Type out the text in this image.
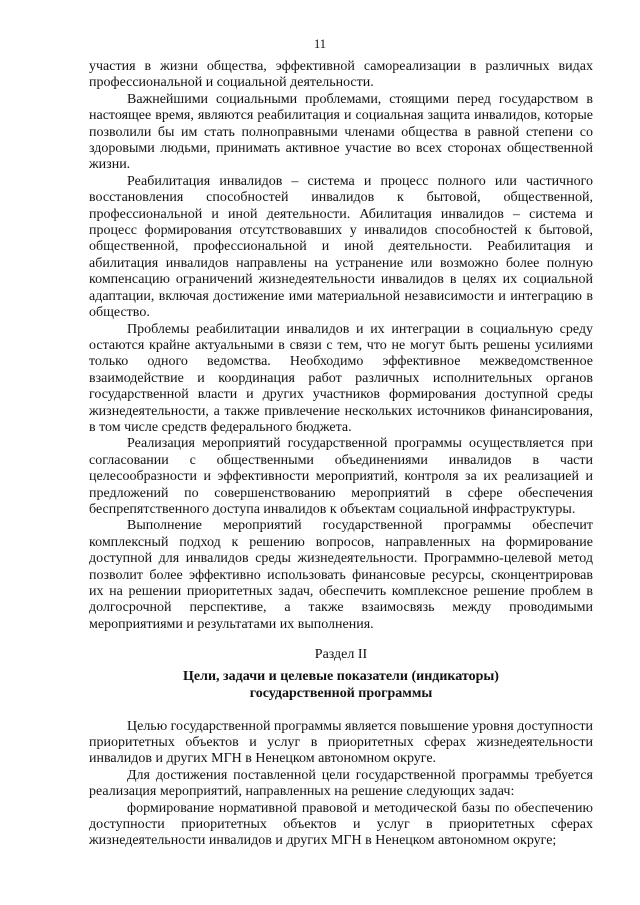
11

участия в жизни общества, эффективной самореализации в различных видах профессиональной и социальной деятельности.

Важнейшими социальными проблемами, стоящими перед государством в настоящее время, являются реабилитация и социальная защита инвалидов, которые позволили бы им стать полноправными членами общества в равной степени со здоровыми людьми, принимать активное участие во всех сторонах общественной жизни.

Реабилитация инвалидов – система и процесс полного или частичного восстановления способностей инвалидов к бытовой, общественной, профессиональной и иной деятельности. Абилитация инвалидов – система и процесс формирования отсутствовавших у инвалидов способностей к бытовой, общественной, профессиональной и иной деятельности. Реабилитация и абилитация инвалидов направлены на устранение или возможно более полную компенсацию ограничений жизнедеятельности инвалидов в целях их социальной адаптации, включая достижение ими материальной независимости и интеграцию в общество.

Проблемы реабилитации инвалидов и их интеграции в социальную среду остаются крайне актуальными в связи с тем, что не могут быть решены усилиями только одного ведомства. Необходимо эффективное межведомственное взаимодействие и координация работ различных исполнительных органов государственной власти и других участников формирования доступной среды жизнедеятельности, а также привлечение нескольких источников финансирования, в том числе средств федерального бюджета.

Реализация мероприятий государственной программы осуществляется при согласовании с общественными объединениями инвалидов в части целесообразности и эффективности мероприятий, контроля за их реализацией и предложений по совершенствованию мероприятий в сфере обеспечения беспрепятственного доступа инвалидов к объектам социальной инфраструктуры.

Выполнение мероприятий государственной программы обеспечит комплексный подход к решению вопросов, направленных на формирование доступной для инвалидов среды жизнедеятельности. Программно-целевой метод позволит более эффективно использовать финансовые ресурсы, сконцентрировав их на решении приоритетных задач, обеспечить комплексное решение проблем в долгосрочной перспективе, а также взаимосвязь между проводимыми мероприятиями и результатами их выполнения.

Раздел II
Цели, задачи и целевые показатели (индикаторы)
государственной программы

Целью государственной программы является повышение уровня доступности приоритетных объектов и услуг в приоритетных сферах жизнедеятельности инвалидов и других МГН в Ненецком автономном округе.

Для достижения поставленной цели государственной программы требуется реализация мероприятий, направленных на решение следующих задач:

формирование нормативной правовой и методической базы по обеспечению доступности приоритетных объектов и услуг в приоритетных сферах жизнедеятельности инвалидов и других МГН в Ненецком автономном округе;
